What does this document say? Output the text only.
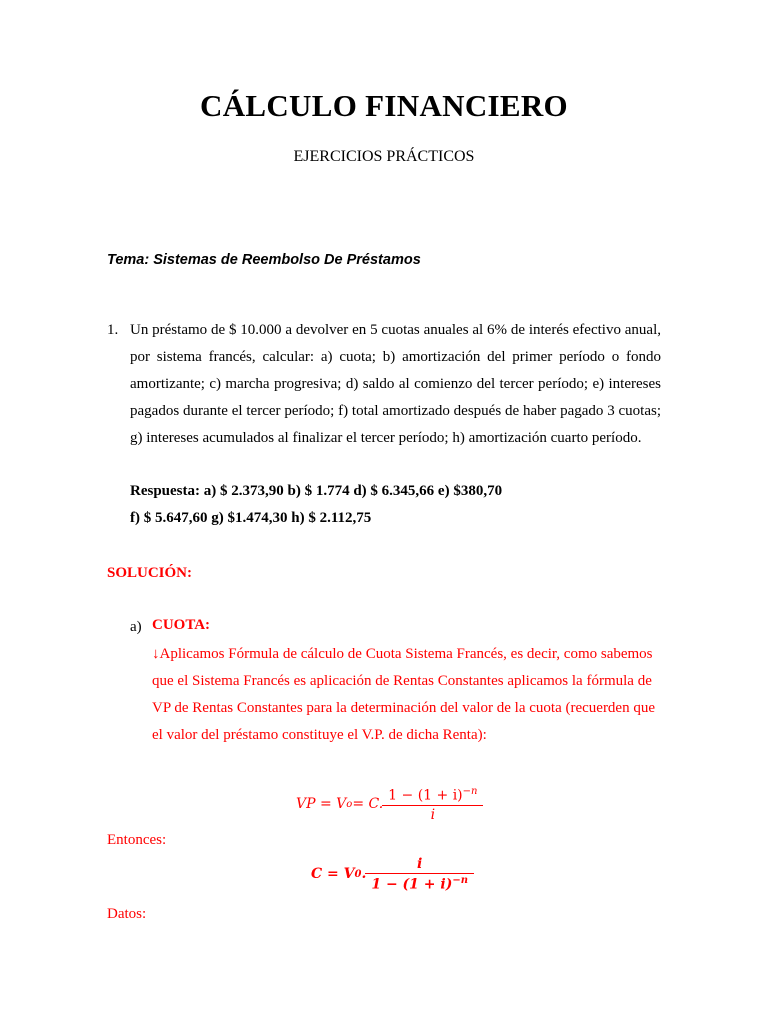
CÁLCULO FINANCIERO
EJERCICIOS PRÁCTICOS
Tema: Sistemas de Reembolso De Préstamos
1. Un préstamo de $ 10.000 a devolver en 5 cuotas anuales al 6% de interés efectivo anual, por sistema francés, calcular: a) cuota; b) amortización del primer período o fondo amortizante; c) marcha progresiva; d) saldo al comienzo del tercer período; e) intereses pagados durante el tercer período; f) total amortizado después de haber pagado 3 cuotas; g) intereses acumulados al finalizar el tercer período; h) amortización cuarto período.
Respuesta: a) $ 2.373,90 b) $ 1.774 d) $ 6.345,66 e) $380,70
f) $ 5.647,60 g) $1.474,30 h) $ 2.112,75
SOLUCIÓN:
a) CUOTA:
↓Aplicamos Fórmula de cálculo de Cuota Sistema Francés, es decir, como sabemos que el Sistema Francés es aplicación de Rentas Constantes aplicamos la fórmula de VP de Rentas Constantes para la determinación del valor de la cuota (recuerden que el valor del préstamo constituye el V.P. de dicha Renta):
VP = V o = C. $\frac{1 - (1 + i)^{-n}}{i}$
Entonces:
C = V 0 . $\frac{i}{1 - (1 + i)^{-n}}$
Datos:
